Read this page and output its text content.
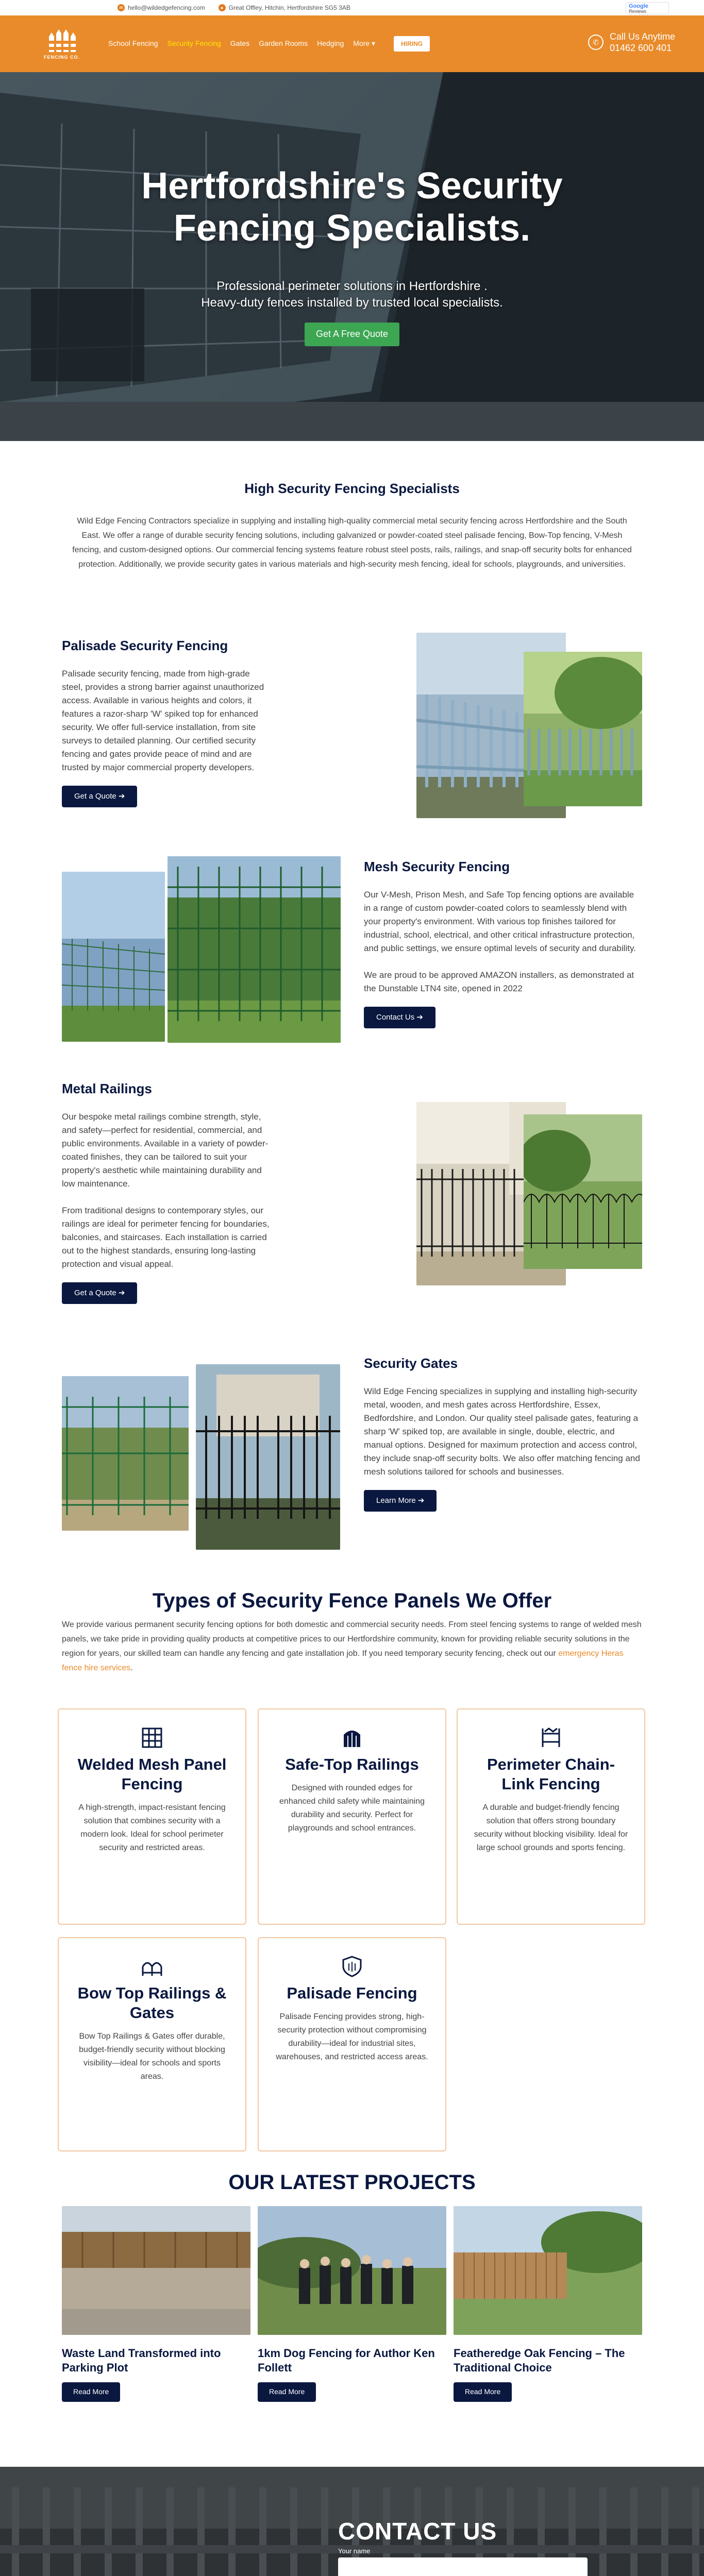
✉ hello@wildedgefencing.com	● Great Offley, Hitchin, Hertfordshire SG5 3AB	Google Reviews

FENCING CO.
School Fencing Security Fencing Gates Garden Rooms Hedging More ▾	HIRING	✆
Call Us Anytime
01462 600 401
Hertfordshire's Security Fencing Specialists.

Professional perimeter solutions in Hertfordshire .
Heavy-duty fences installed by trusted local specialists.

Get A Free Quote
High Security Fencing Specialists

Wild Edge Fencing Contractors specialize in supplying and installing high-quality commercial metal security fencing across Hertfordshire and the South East. We offer a range of durable security fencing solutions, including galvanized or powder-coated steel palisade fencing, Bow-Top fencing, V-Mesh fencing, and custom-designed options. Our commercial fencing systems feature robust steel posts, rails, railings, and snap-off security bolts for enhanced protection. Additionally, we provide security gates in various materials and high-security mesh fencing, ideal for schools, playgrounds, and universities.

Palisade Security Fencing

Palisade security fencing, made from high-grade steel, provides a strong barrier against unauthorized access. Available in various heights and colors, it features a razor-sharp 'W' spiked top for enhanced security. We offer full-service installation, from site surveys to detailed planning. Our certified security fencing and gates provide peace of mind and are trusted by major commercial property developers.

Get a Quote ➔
Mesh Security Fencing

Our V-Mesh, Prison Mesh, and Safe Top fencing options are available in a range of custom powder-coated colors to seamlessly blend with your property's environment. With various top finishes tailored for industrial, school, electrical, and other critical infrastructure protection, and public settings, we ensure optimal levels of security and durability.

We are proud to be approved AMAZON installers, as demonstrated at the Dunstable LTN4 site, opened in 2022

Contact Us ➔
Metal Railings

Our bespoke metal railings combine strength, style, and safety—perfect for residential, commercial, and public environments. Available in a variety of powder-coated finishes, they can be tailored to suit your property's aesthetic while maintaining durability and low maintenance.

From traditional designs to contemporary styles, our railings are ideal for perimeter fencing for boundaries, balconies, and staircases. Each installation is carried out to the highest standards, ensuring long-lasting protection and visual appeal.

Get a Quote ➔
Security Gates

Wild Edge Fencing specializes in supplying and installing high-security metal, wooden, and mesh gates across Hertfordshire, Essex, Bedfordshire, and London. Our quality steel palisade gates, featuring a sharp 'W' spiked top, are available in single, double, electric, and manual options. Designed for maximum protection and access control, they include snap-off security bolts. We also offer matching fencing and mesh solutions tailored for schools and businesses.

Learn More ➔
Types of Security Fence Panels We Offer

We provide various permanent security fencing options for both domestic and commercial security needs. From steel fencing systems to range of welded mesh panels, we take pride in providing quality products at competitive prices to our Hertfordshire community, known for providing reliable security solutions in the region for years, our skilled team can handle any fencing and gate installation job. If you need temporary security fencing, check out our emergency Heras fence hire services.

Welded Mesh Panel Fencing

A high-strength, impact-resistant fencing solution that combines security with a modern look. Ideal for school perimeter security and restricted areas.

Safe-Top Railings

Designed with rounded edges for enhanced child safety while maintaining durability and security. Perfect for playgrounds and school entrances.

Perimeter Chain-Link Fencing

A durable and budget-friendly fencing solution that offers strong boundary security without blocking visibility. Ideal for large school grounds and sports fencing.

Bow Top Railings & Gates

Bow Top Railings & Gates offer durable, budget-friendly security without blocking visibility—ideal for schools and sports areas.

Palisade Fencing

Palisade Fencing provides strong, high-security protection without compromising durability—ideal for industrial sites, warehouses, and restricted access areas.

OUR LATEST PROJECTS
Waste Land Transformed into Parking Plot
Read More
1km Dog Fencing for Author Ken Follett
Read More
Featheredge Oak Fencing – The Traditional Choice
Read More
CONTACT US
Your name
